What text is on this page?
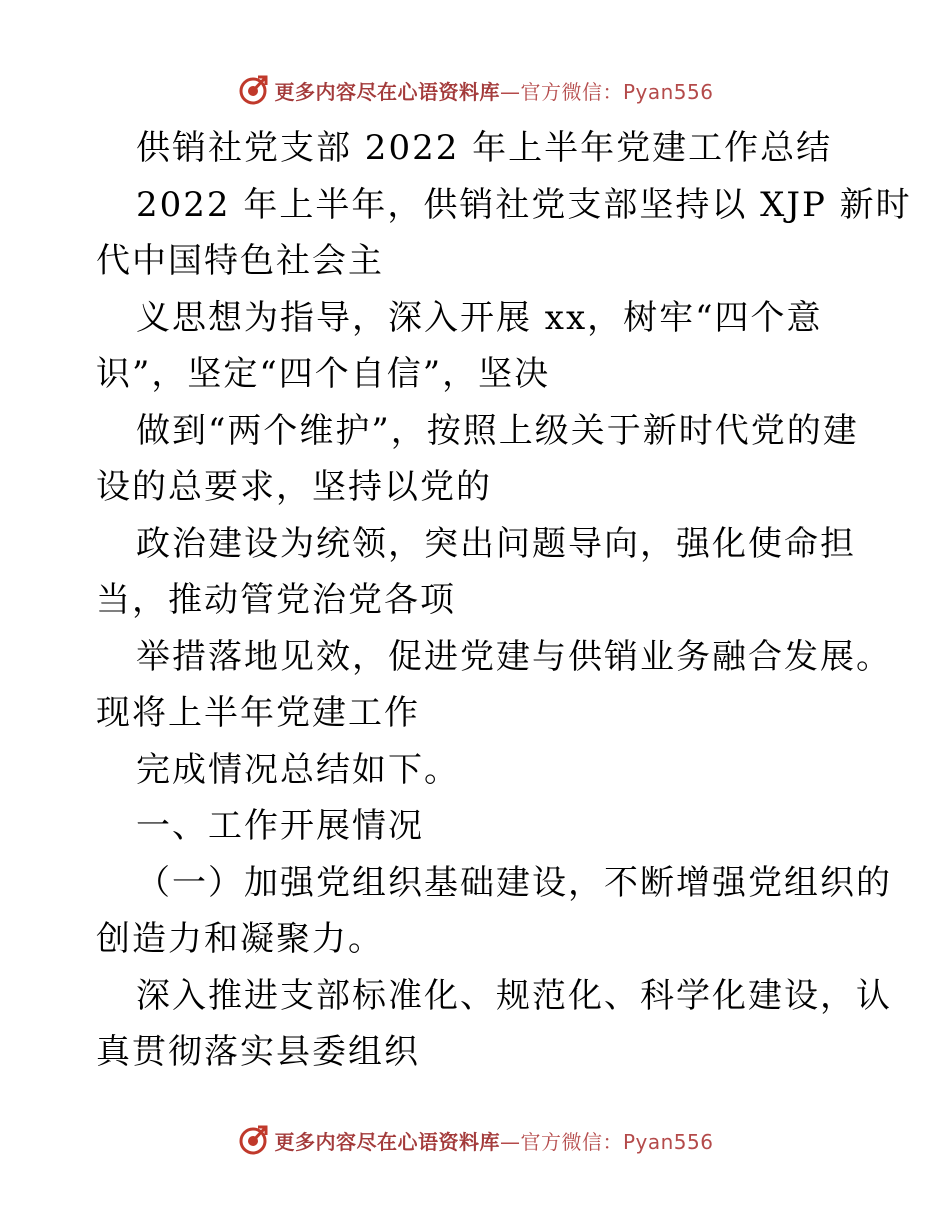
更多内容尽在心语资料库—官方微信：Pyan556
供销社党支部 2022 年上半年党建工作总结
2022 年上半年，供销社党支部坚持以 XJP 新时
代中国特色社会主
义思想为指导，深入开展 xx，树牢“四个意
识”，坚定“四个自信”，坚决
做到“两个维护”，按照上级关于新时代党的建
设的总要求，坚持以党的
政治建设为统领，突出问题导向，强化使命担
当，推动管党治党各项
举措落地见效，促进党建与供销业务融合发展。
现将上半年党建工作
完成情况总结如下。
一、工作开展情况
（一）加强党组织基础建设，不断增强党组织的
创造力和凝聚力。
深入推进支部标准化、规范化、科学化建设，认
真贯彻落实县委组织
更多内容尽在心语资料库—官方微信：Pyan556
